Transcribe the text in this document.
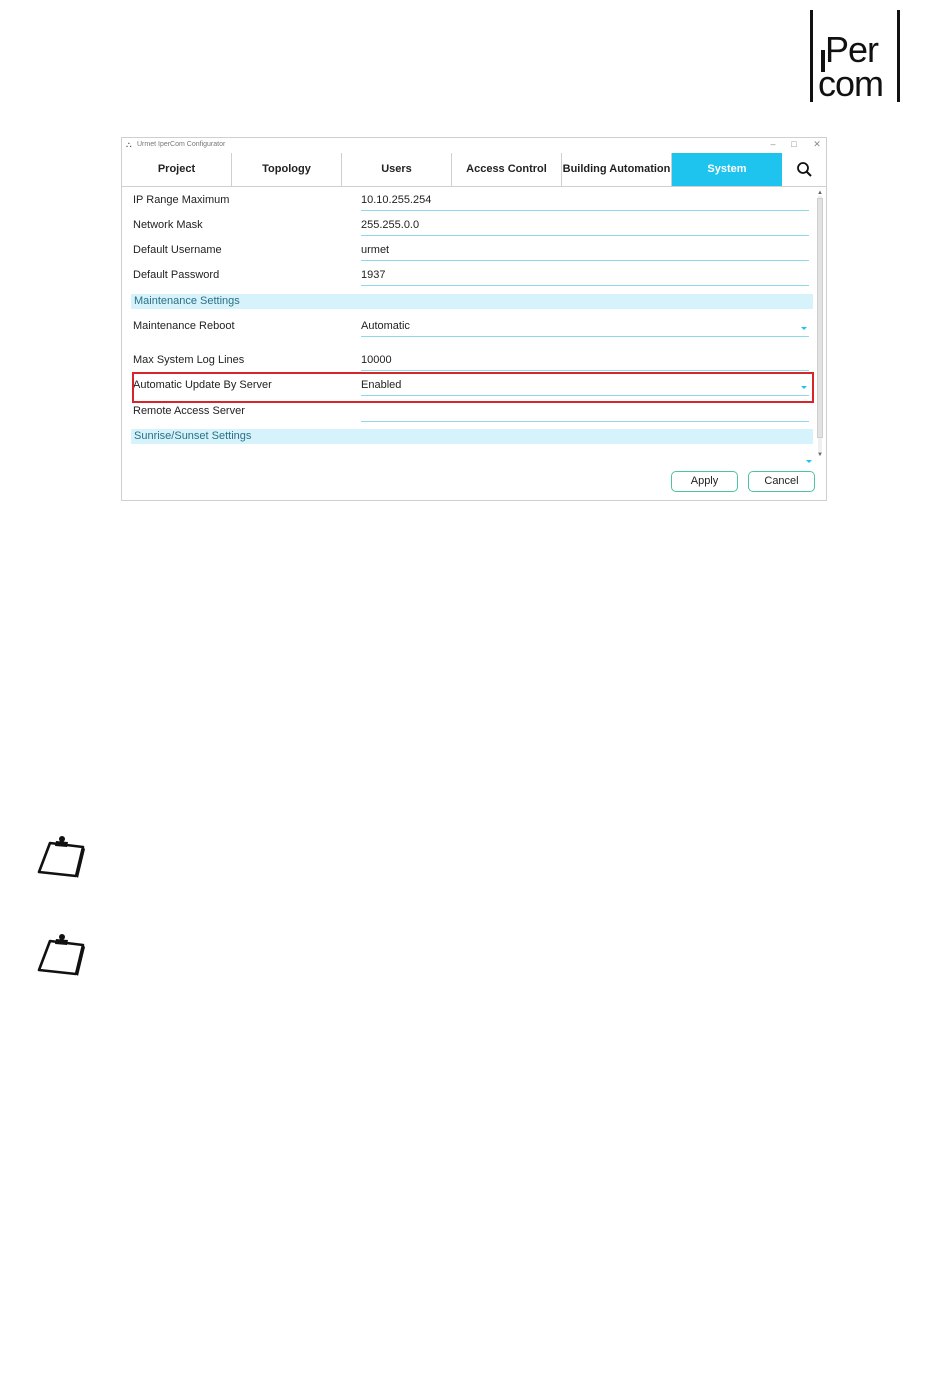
Per
com
⛬ Urmet IperCom Configurator	–	□	✕
Project	Topology	Users	Access Control	Building Automation	System
IP Range Maximum	10.10.255.254
Network Mask	255.255.0.0
Default Username	urmet
Default Password	1937
Maintenance Settings
Maintenance Reboot	Automatic
Max System Log Lines	10000
Automatic Update By Server	Enabled
Remote Access Server
Sunrise/Sunset Settings
▲
▼
Apply	Cancel
